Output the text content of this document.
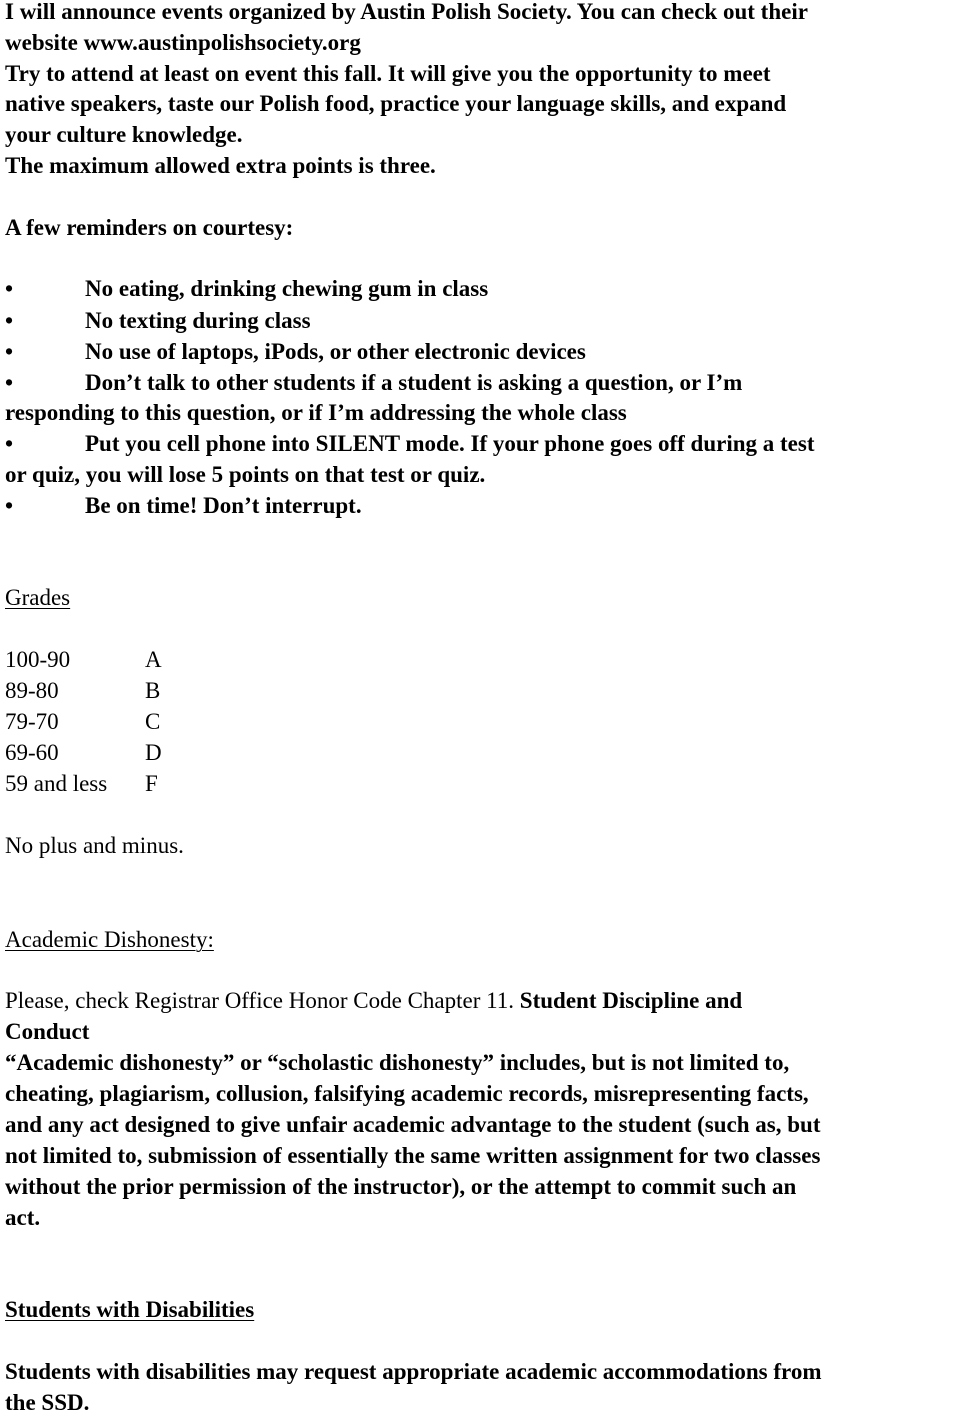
I will announce events organized by Austin Polish Society. You can check out their
website www.austinpolishsociety.org
Try to attend at least on event this fall. It will give you the opportunity to meet
native speakers, taste our Polish food, practice your language skills, and expand
your culture knowledge.
The maximum allowed extra points is three.
A few reminders on courtesy:
•	No eating, drinking chewing gum in class
•	No texting during class
•	No use of laptops, iPods, or other electronic devices
•	Don’t talk to other students if a student is asking a question, or I’m
responding to this question, or if I’m addressing the whole class
•	Put you cell phone into SILENT mode. If your phone goes off during a test
or quiz, you will lose 5 points on that test or quiz.
•	Be on time! Don’t interrupt.
Grades
100-90	A
89-80	B
79-70	C
69-60	D
59 and less F
No plus and minus.
Academic Dishonesty:
Please, check Registrar Office Honor Code Chapter 11. Student Discipline and
Conduct
“Academic dishonesty” or “scholastic dishonesty” includes, but is not limited to,
cheating, plagiarism, collusion, falsifying academic records, misrepresenting facts,
and any act designed to give unfair academic advantage to the student (such as, but
not limited to, submission of essentially the same written assignment for two classes
without the prior permission of the instructor), or the attempt to commit such an
act.
Students with Disabilities
Students with disabilities may request appropriate academic accommodations from
the SSD.
